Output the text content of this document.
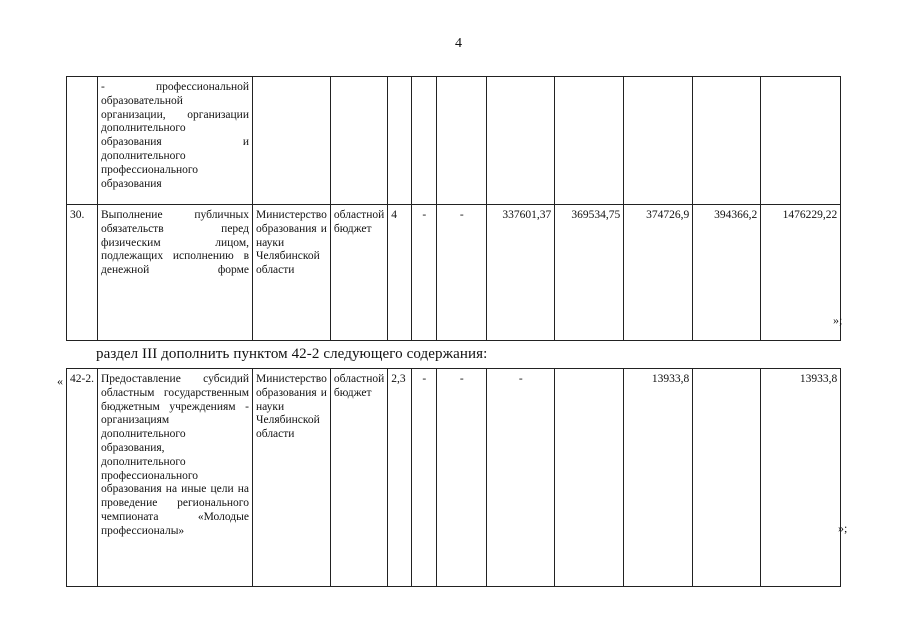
4
	- профессиональной образовательной организации, организации дополнительного образования и дополнительного профессионального образования										
30.	Выполнение публичных обязательств перед физическим лицом, подлежащих исполнению в денежной форме	Министерство образования и науки Челябинской области	областной бюджет	4	-	-	337601,37	369534,75	374726,9	394366,2	1476229,22
»;
раздел III дополнить пунктом 42-2 следующего содержания:
« 42-2.	Предоставление субсидий областным государственным бюджетным учреждениям - организациям дополнительного образования, дополнительного профессионального образования на иные цели на проведение регионального чемпионата «Молодые профессионалы»	Министерство образования и науки Челябинской области	областной бюджет	2,3	-	-	-		13933,8		13933,8
»;
